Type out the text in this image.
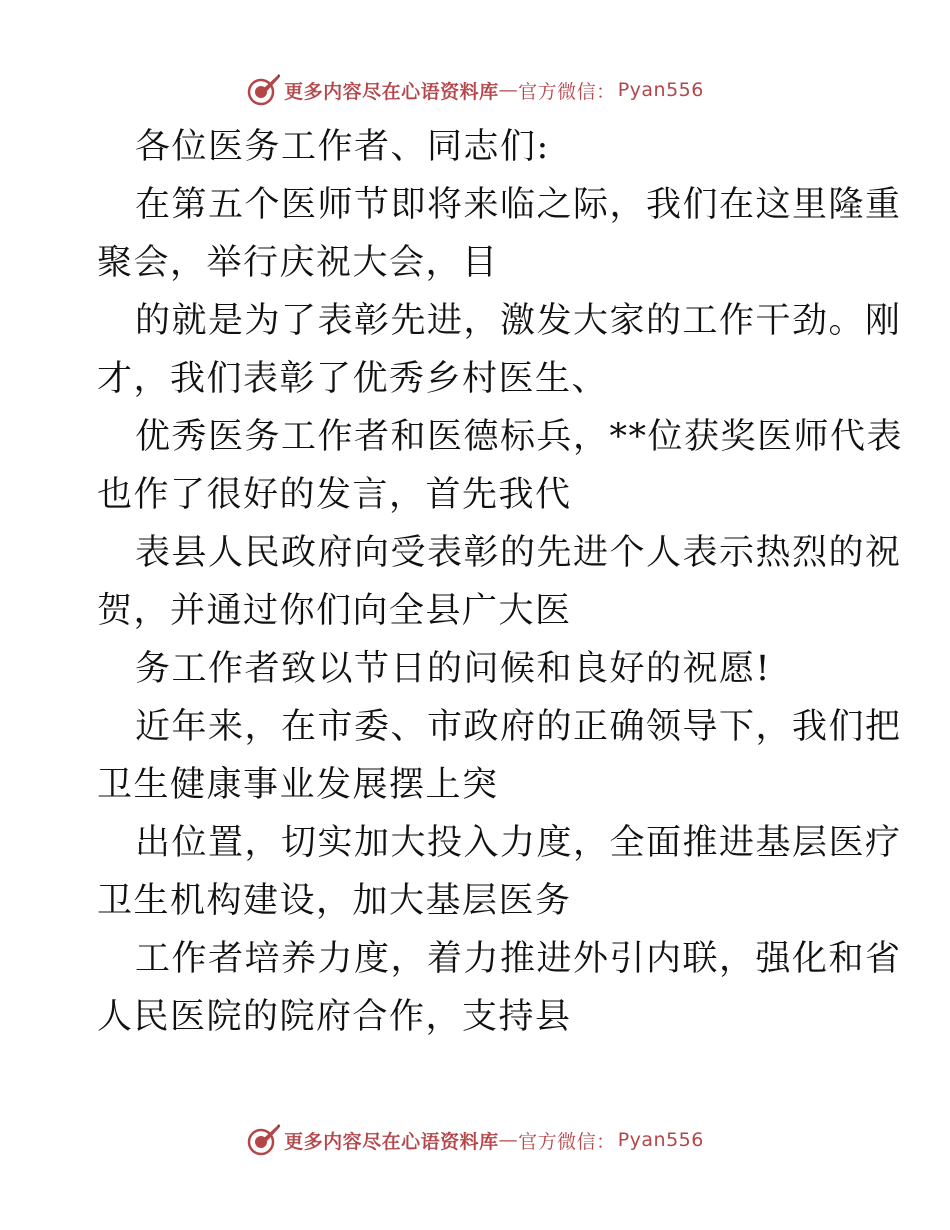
更多内容尽在心语资料库 — 官方微信： Pyan556
各位医务工作者、同志们:
在第五个医师节即将来临之际，我们在这里隆重
聚会，举行庆祝大会，目
的就是为了表彰先进，激发大家的工作干劲。刚
才，我们表彰了优秀乡村医生、
优秀医务工作者和医德标兵，**位获奖医师代表
也作了很好的发言，首先我代
表县人民政府向受表彰的先进个人表示热烈的祝
贺，并通过你们向全县广大医
务工作者致以节日的问候和良好的祝愿!
近年来，在市委、市政府的正确领导下，我们把
卫生健康事业发展摆上突
出位置，切实加大投入力度，全面推进基层医疗
卫生机构建设，加大基层医务
工作者培养力度，着力推进外引内联，强化和省
人民医院的院府合作，支持县
更多内容尽在心语资料库 — 官方微信： Pyan556
